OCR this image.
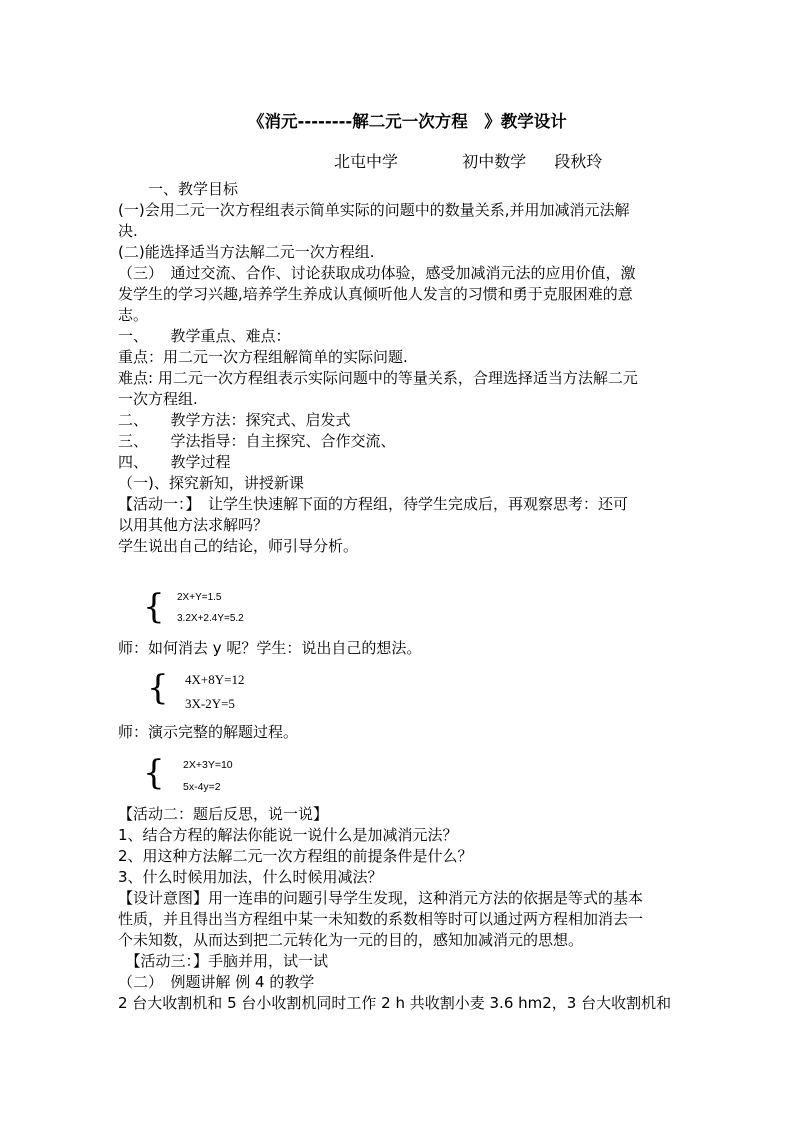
《消元--------解二元一次方程　》教学设计
北屯中学	初中数学 段秋玲
　　一、教学目标
(一)会用二元一次方程组表示简单实际的问题中的数量关系,并用加减消元法解
决.
(二)能选择适当方法解二元一次方程组.
（三）　通过交流、合作、讨论获取成功体验，感受加减消元法的应用价值，激
发学生的学习兴趣,培养学生养成认真倾听他人发言的习惯和勇于克服困难的意
志。
一、　　教学重点、难点：
重点：用二元一次方程组解简单的实际问题.
难点: 用二元一次方程组表示实际问题中的等量关系，合理选择适当方法解二元
一次方程组.
二、　　教学方法：探究式、启发式
三、　　学法指导：自主探究、合作交流、
四、　　教学过程
（一)、探究新知，讲授新课
【活动一：】　让学生快速解下面的方程组，待学生完成后，再观察思考：还可
以用其他方法求解吗？
学生说出自己的结论，师引导分析。
{ 2X+Y=1.5
3.2X+2.4Y=5.2
师：如何消去 y 呢？学生：说出自己的想法。
{ 4X+8Y=12
3X-2Y=5
师：演示完整的解题过程。
{ 2X+3Y=10
5x-4y=2
【活动二：题后反思，说一说】
1、结合方程的解法你能说一说什么是加减消元法？
2、用这种方法解二元一次方程组的前提条件是什么？
3、什么时候用加法，什么时候用减法？
【设计意图】用一连串的问题引导学生发现，这种消元方法的依据是等式的基本
性质，并且得出当方程组中某一未知数的系数相等时可以通过两方程相加消去一
个未知数，从而达到把二元转化为一元的目的，感知加减消元的思想。
　【活动三：】手脑并用，试一试
（二）　例题讲解 例 4 的教学
2 台大收割机和 5 台小收割机同时工作 2 h 共收割小麦 3.6 hm2，3 台大收割机和
